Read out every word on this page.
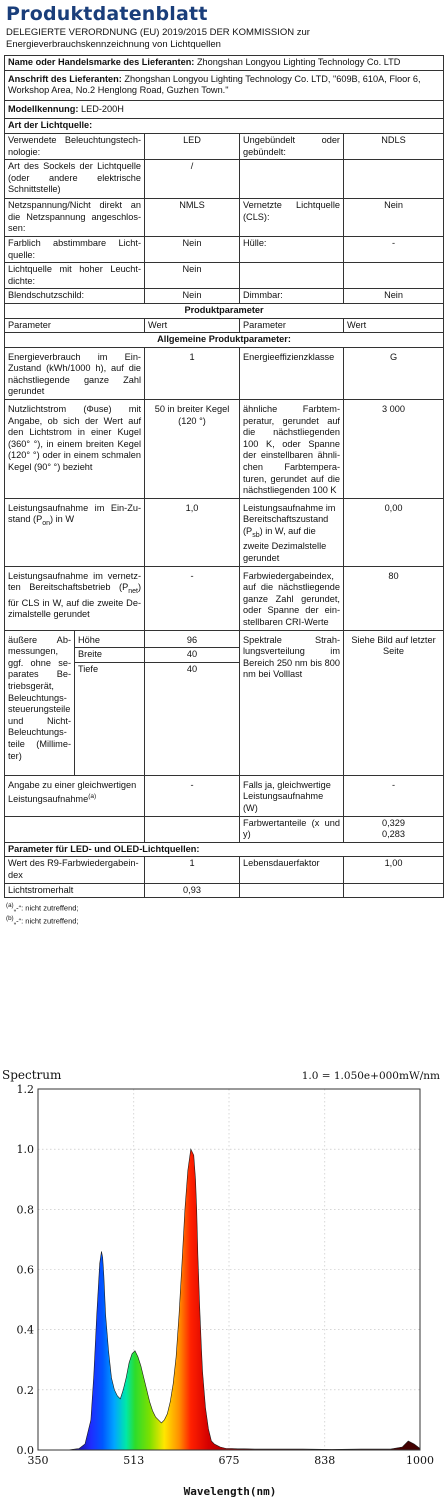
Produktdatenblatt
DELEGIERTE VERORDNUNG (EU) 2019/2015 DER KOMMISSION zur Energieverbrauchskennzeichnung von Lichtquellen
Name oder Handelsmarke des Lieferanten: Zhongshan Longyou Lighting Technology Co. LTD				
Anschrift des Lieferanten: Zhongshan Longyou Lighting Technology Co. LTD, "609B, 610A, Floor 6, Workshop Area, No.2 Henglong Road, Guzhen Town."				
Modellkennung: LED-200H				
Art der Lichtquelle:				
Verwendete Beleuchtungstechnologie:		LED	Ungebündelt oder gebündelt:	NDLS
Art des Sockels der Lichtquelle (oder andere elektrische Schnittstelle)		/		
Netzspannung/Nicht direkt an die Netzspannung angeschlossen:		NMLS	Vernetzte Lichtquelle (CLS):	Nein
Farblich abstimmbare Lichtquelle:		Nein	Hülle:	-
Lichtquelle mit hoher Leuchtdichte:		Nein		
Blendschutzschild:		Nein	Dimmbar:	Nein
Produktparameter				
Parameter		Wert	Parameter	Wert
Allgemeine Produktparameter:				
Energieverbrauch im Ein-Zustand (kWh/1000 h), auf die nächstliegende ganze Zahl gerundet		1	Energieeffizienzklasse	G
Nutzlichtstrom (Φuse) mit Angabe, ob sich der Wert auf den Lichtstrom in einer Kugel (360° °), in einem breiten Kegel (120° °) oder in einem schmalen Kegel (90° °) bezieht		50 in breiter Kegel (120 °)	ähnliche Farbtemperatur, gerundet auf die nächstliegenden 100 K, oder Spanne der einstellbaren ähnlichen Farbtemperaturen, gerundet auf die nächstliegenden 100 K	3 000
Leistungsaufnahme im Ein-Zustand $(P_{on})$ in W		1,0	Leistungsaufnahme im Bereitschaftszustand $(P_{sb})$ in W, auf die zweite Dezimalstelle gerundet	0,00
Leistungsaufnahme im vernetzten Bereitschaftsbetrieb $(P_{net})$ für CLS in W, auf die zweite Dezimalstelle gerundet		-	Farbwiedergabeindex, auf die nächstliegende ganze Zahl gerundet, oder Spanne der einstellbaren CRI-Werte	80
äußere Abmessungen, ggf. ohne separates Betriebsgerät, Beleuchtungssteuerungsteile und Nicht-Beleuchtungsteile (Millimeter)	Höhe	96	Spektrale Strahlungsverteilung im Bereich 250 nm bis 800 nm bei Volllast	Siehe Bild auf letzter Seite
	Breite	40		
	Tiefe	40		
Angabe zu einer gleichwertigen Leistungsaufnahme$^{(a)}$		-	Falls ja, gleichwertige Leistungsaufnahme (W)	-
			Farbwertanteile (x und y)	0,329
0,283
Parameter für LED- und OLED-Lichtquellen:				
Wert des R9-Farbwiedergabeindex		1	Lebensdauerfaktor	1,00
Lichtstromerhalt		0,93		
$^{(a)}$„-“: nicht zutreffend;
$^{(b)}$„-“: nicht zutreffend;
0.0
0.2
0.4
0.6
0.8
1.0
1.2
350	513	675	838	1000
Spectrum	1.0 = 1.050e+000mW/nm
Wavelength(nm)
